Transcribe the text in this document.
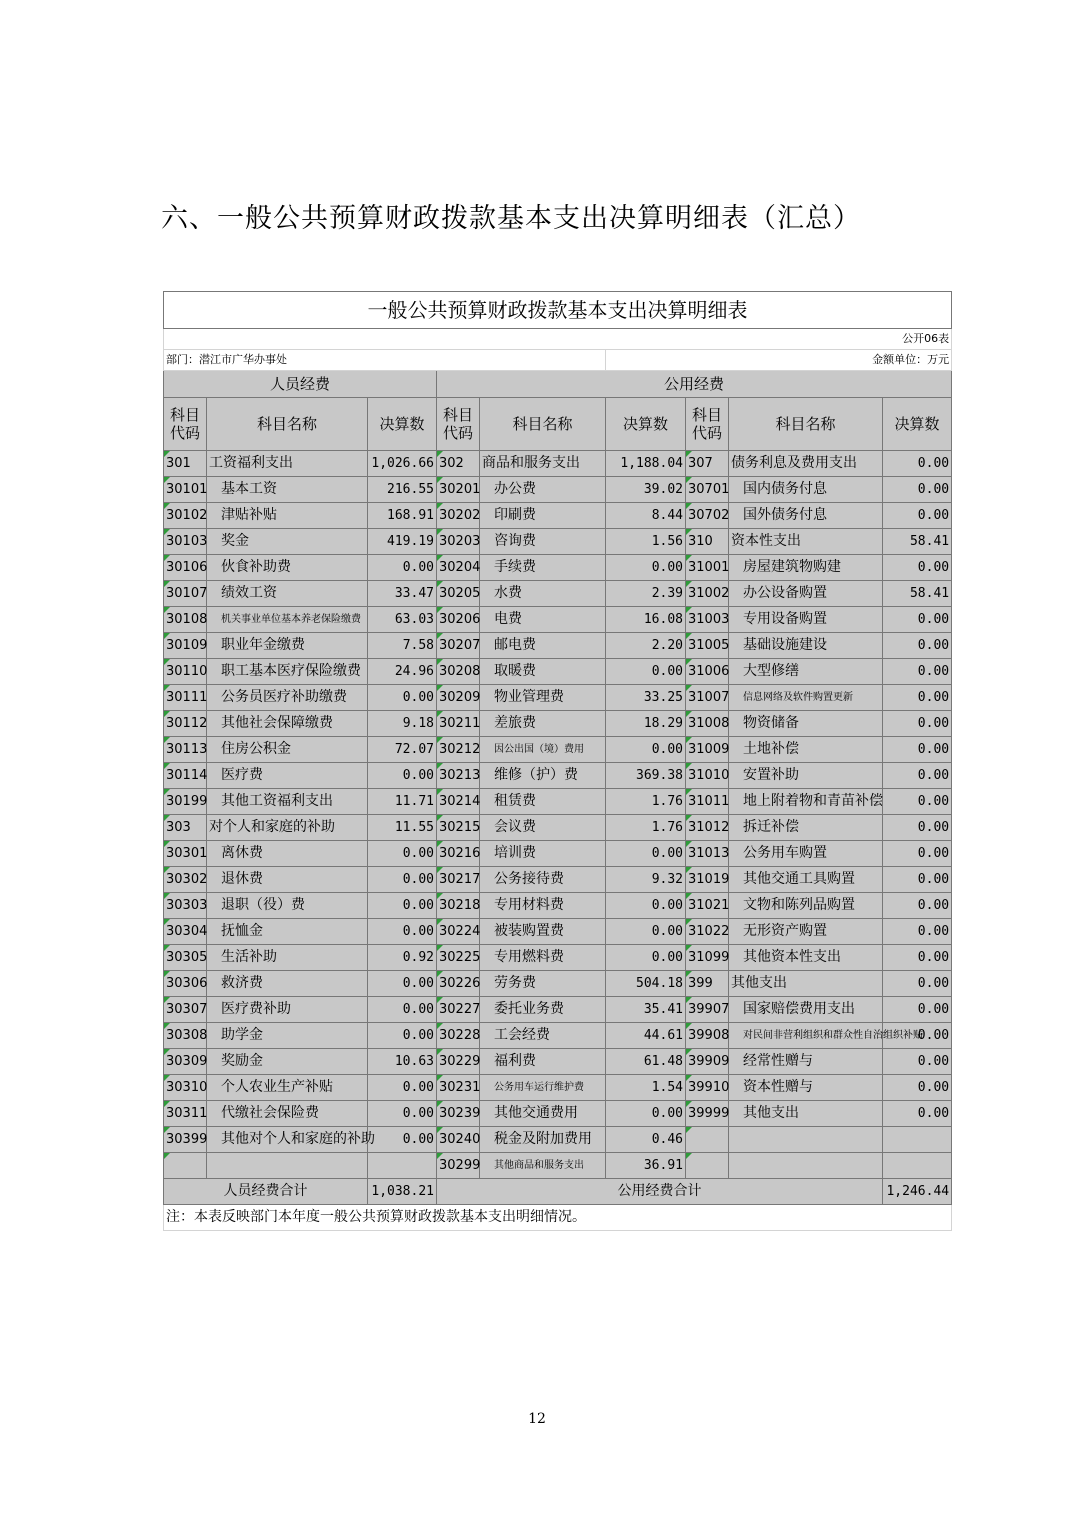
六、一般公共预算财政拨款基本支出决算明细表（汇总）
一般公共预算财政拨款基本支出决算明细表								
公开06表								
部门：潜江市广华办事处					金额单位：万元			
人员经费			公用经费					
科目代码	科目名称	决算数	科目代码	科目名称	决算数	科目代码	科目名称	决算数
301	工资福利支出	1,026.66	302	商品和服务支出	1,188.04	307	债务利息及费用支出	0.00
30101	基本工资	216.55	30201	办公费	39.02	30701	国内债务付息	0.00
30102	津贴补贴	168.91	30202	印刷费	8.44	30702	国外债务付息	0.00
30103	奖金	419.19	30203	咨询费	1.56	310	资本性支出	58.41
30106	伙食补助费	0.00	30204	手续费	0.00	31001	房屋建筑物购建	0.00
30107	绩效工资	33.47	30205	水费	2.39	31002	办公设备购置	58.41
30108	机关事业单位基本养老保险缴费	63.03	30206	电费	16.08	31003	专用设备购置	0.00
30109	职业年金缴费	7.58	30207	邮电费	2.20	31005	基础设施建设	0.00
30110	职工基本医疗保险缴费	24.96	30208	取暖费	0.00	31006	大型修缮	0.00
30111	公务员医疗补助缴费	0.00	30209	物业管理费	33.25	31007	信息网络及软件购置更新	0.00
30112	其他社会保障缴费	9.18	30211	差旅费	18.29	31008	物资储备	0.00
30113	住房公积金	72.07	30212	因公出国（境）费用	0.00	31009	土地补偿	0.00
30114	医疗费	0.00	30213	维修（护）费	369.38	31010	安置补助	0.00
30199	其他工资福利支出	11.71	30214	租赁费	1.76	31011	地上附着物和青苗补偿	0.00
303	对个人和家庭的补助	11.55	30215	会议费	1.76	31012	拆迁补偿	0.00
30301	离休费	0.00	30216	培训费	0.00	31013	公务用车购置	0.00
30302	退休费	0.00	30217	公务接待费	9.32	31019	其他交通工具购置	0.00
30303	退职（役）费	0.00	30218	专用材料费	0.00	31021	文物和陈列品购置	0.00
30304	抚恤金	0.00	30224	被装购置费	0.00	31022	无形资产购置	0.00
30305	生活补助	0.92	30225	专用燃料费	0.00	31099	其他资本性支出	0.00
30306	救济费	0.00	30226	劳务费	504.18	399	其他支出	0.00
30307	医疗费补助	0.00	30227	委托业务费	35.41	39907	国家赔偿费用支出	0.00
30308	助学金	0.00	30228	工会经费	44.61	39908	对民间非营利组织和群众性自治组织补贴	0.00
30309	奖励金	10.63	30229	福利费	61.48	39909	经常性赠与	0.00
30310	个人农业生产补贴	0.00	30231	公务用车运行维护费	1.54	39910	资本性赠与	0.00
30311	代缴社会保险费	0.00	30239	其他交通费用	0.00	39999	其他支出	0.00
30399	其他对个人和家庭的补助	0.00	30240	税金及附加费用	0.46			
			30299	其他商品和服务支出	36.91			
人员经费合计		1,038.21	公用经费合计					1,246.44
注：本表反映部门本年度一般公共预算财政拨款基本支出明细情况。								
12
